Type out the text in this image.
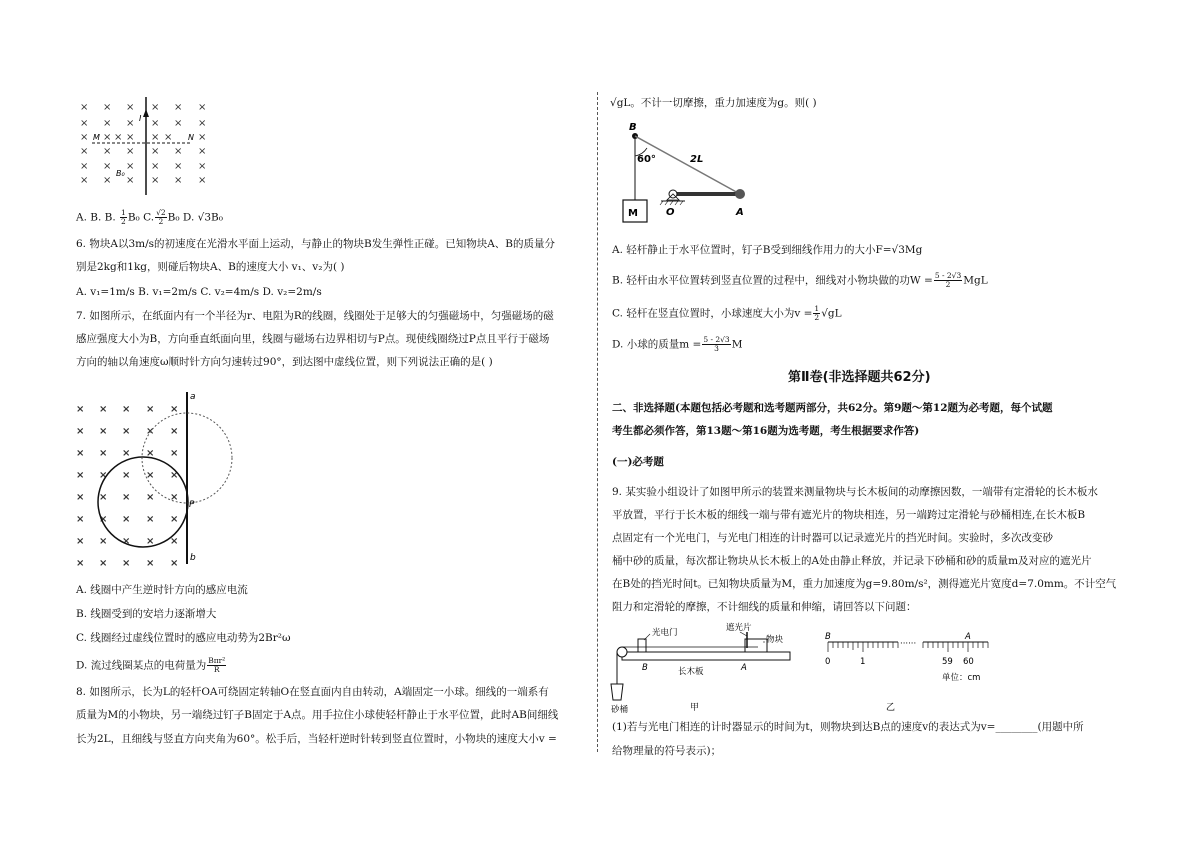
× × × × × ×
× × × × × ×
× × × × × ×	×
× × × × × ×
× × × × × ×
× × × × × ×
I
M	N
B₀
A. B. B. $\frac{1}{2} B_0$ C. $\frac{√2}{2} B_0$ D. √3B₀
6. 物块A以3m/s的初速度在光滑水平面上运动，与静止的物块B发生弹性正碰。已知物块A、B的质量分
别是2kg和1kg，则碰后物块A、B的速度大小 v₁、v₂为( )
A. v₁=1m/s B. v₁=2m/s C. v₂=4m/s D. v₂=2m/s
7. 如图所示，在纸面内有一个半径为r、电阻为R的线圈，线圈处于足够大的匀强磁场中，匀强磁场的磁
感应强度大小为B，方向垂直纸面向里，线圈与磁场右边界相切与P点。现使线圈绕过P点且平行于磁场
方向的轴以角速度ω顺时针方向匀速转过90°，到达图中虚线位置，则下列说法正确的是( )
× × × × ×
× × × × ×
× × × × ×
× × × × ×
× × × × ×
× × × × ×
× × × × ×
× × × × ×
a
P
b
A. 线圈中产生逆时针方向的感应电流
B. 线圈受到的安培力逐渐增大
C. 线圈经过虚线位置时的感应电动势为2Br²ω
D. 流过线圈某点的电荷量为 $\frac{\text{Bπr²}}{R}$
8. 如图所示，长为L的轻杆OA可绕固定转轴O在竖直面内自由转动，A端固定一小球。细线的一端系有
质量为M的小物块，另一端绕过钉子B固定于A点。用手拉住小球使轻杆静止于水平位置，此时AB间细线
长为2L，且细线与竖直方向夹角为60°。松手后，当轻杆逆时针转到竖直位置时，小物块的速度大小v =
√gL。不计一切摩擦，重力加速度为g。则( )
B
60°	2L
M	O	A
A. 轻杆静止于水平位置时，钉子B受到细线作用力的大小F=√3Mg
B. 轻杆由水平位置转到竖直位置的过程中，细线对小物块做的功$W = \frac{5 - 2√3}{2}$ MgL
C. 轻杆在竖直位置时，小球速度大小为$v = \frac{1}{2} √gL$
D. 小球的质量$m = \frac{5 - 2√3}{3}$ M
第Ⅱ卷(非选择题共62分)
二、非选择题(本题包括必考题和选考题两部分，共62分。第9题～第12题为必考题，每个试题
考生都必须作答，第13题～第16题为选考题，考生根据要求作答)
(一)必考题
9. 某实验小组设计了如图甲所示的装置来测量物块与长木板间的动摩擦因数，一端带有定滑轮的长木板水
平放置，平行于长木板的细线一端与带有遮光片的物块相连，另一端跨过定滑轮与砂桶相连,在长木板B
点固定有一个光电门，与光电门相连的计时器可以记录遮光片的挡光时间。实验时，多次改变砂
桶中砂的质量，每次都让物块从长木板上的A处由静止释放，并记录下砂桶和砂的质量m及对应的遮光片
在B处的挡光时间t。已知物块质量为M，重力加速度为g=9.80m/s²，测得遮光片宽度d=7.0mm。不计空气
阻力和定滑轮的摩擦，不计细线的质量和伸缩，请回答以下问题：
光电门	遮光片
物块
B	A
长木板
砂桶	甲
B	A
0	1
······
59 60
单位：cm
乙
(1)若与光电门相连的计时器显示的时间为t，则物块到达B点的速度v的表达式为v=________(用题中所
给物理量的符号表示)；
